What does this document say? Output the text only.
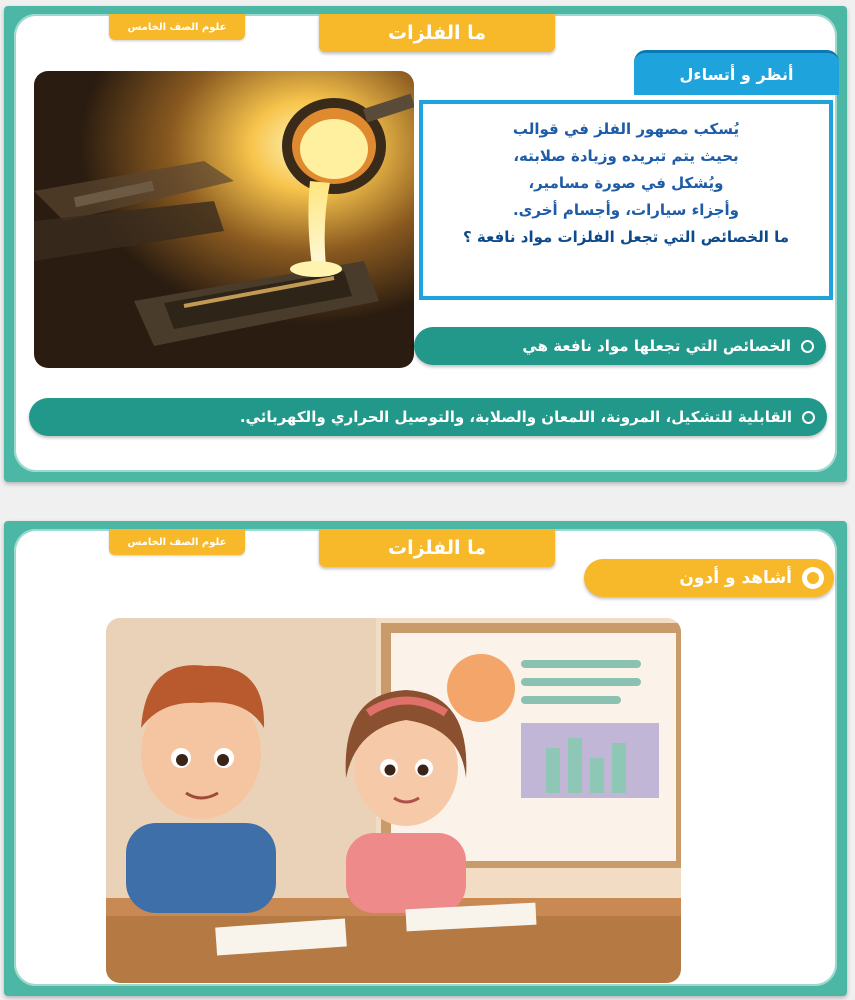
علوم الصف الخامس	ما الفلزات
أنظر و أتساءل
يُسكب مصهور الفلز في قوالب
بحيث يتم تبريده وزيادة صلابته،
ويُشكل في صورة مسامير،
وأجزاء سيارات، وأجسام أخرى.
ما الخصائص التي تجعل الفلزات مواد نافعة ؟
الخصائص التي تجعلها مواد نافعة هي
القابلية للتشكيل، المرونة، اللمعان والصلابة، والتوصيل الحراري والكهربائي.
علوم الصف الخامس	ما الفلزات
أشاهد و أدون
